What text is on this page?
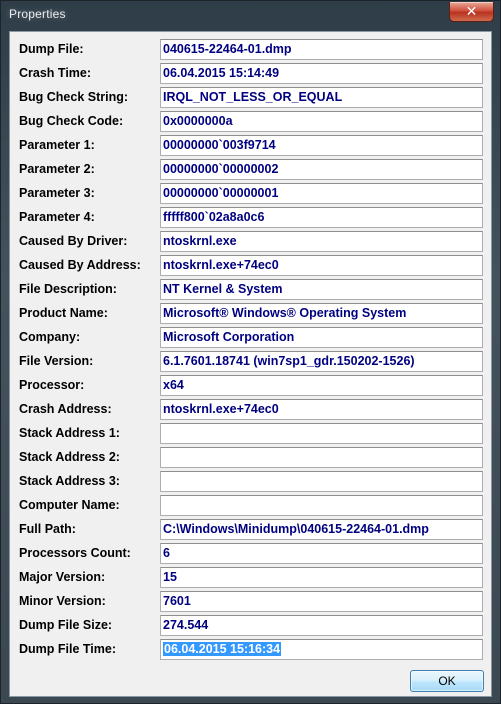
Properties	✕
Dump File:	040615-22464-01.dmp
Crash Time:	06.04.2015 15:14:49
Bug Check String:	IRQL_NOT_LESS_OR_EQUAL
Bug Check Code:	0x0000000a
Parameter 1:	00000000`003f9714
Parameter 2:	00000000`00000002
Parameter 3:	00000000`00000001
Parameter 4:	fffff800`02a8a0c6
Caused By Driver:	ntoskrnl.exe
Caused By Address: ntoskrnl.exe+74ec0
File Description:	NT Kernel & System
Product Name:	Microsoft® Windows® Operating System
Company:	Microsoft Corporation
File Version:	6.1.7601.18741 (win7sp1_gdr.150202-1526)
Processor:	x64
Crash Address:	ntoskrnl.exe+74ec0
Stack Address 1:
Stack Address 2:
Stack Address 3:
Computer Name:
Full Path:	C:\Windows\Minidump\040615-22464-01.dmp
Processors Count:	6
Major Version:	15
Minor Version:	7601
Dump File Size:	274.544
Dump File Time:	06.04.2015 15:16:34
OK
